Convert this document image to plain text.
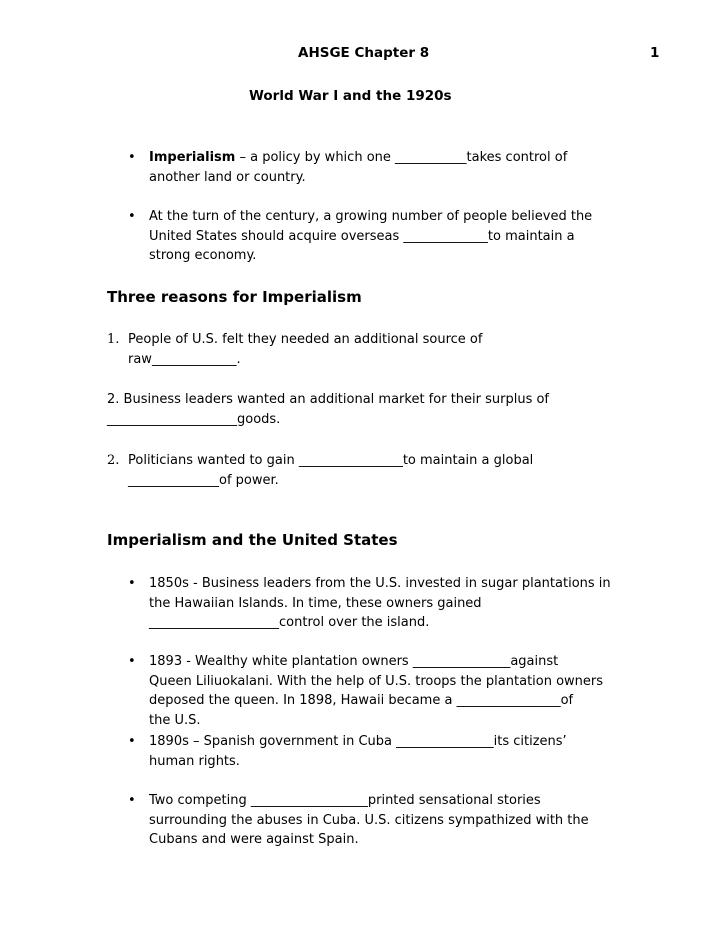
AHSGE Chapter 8	1
World War I and the 1920s
• Imperialism – a policy by which one ___________takes control of
another land or country.
• At the turn of the century, a growing number of people believed the
United States should acquire overseas _____________to maintain a
strong economy.
Three reasons for Imperialism
1. People of U.S. felt they needed an additional source of
raw_____________.
2. Business leaders wanted an additional market for their surplus of
____________________goods.
2. Politicians wanted to gain ________________to maintain a global
______________of power.
Imperialism and the United States
• 1850s - Business leaders from the U.S. invested in sugar plantations in
the Hawaiian Islands. In time, these owners gained
____________________control over the island.
• 1893 - Wealthy white plantation owners _______________against
Queen Liliuokalani. With the help of U.S. troops the plantation owners
deposed the queen. In 1898, Hawaii became a ________________of
the U.S.
• 1890s – Spanish government in Cuba _______________its citizens’
human rights.
• Two competing __________________printed sensational stories
surrounding the abuses in Cuba. U.S. citizens sympathized with the
Cubans and were against Spain.
